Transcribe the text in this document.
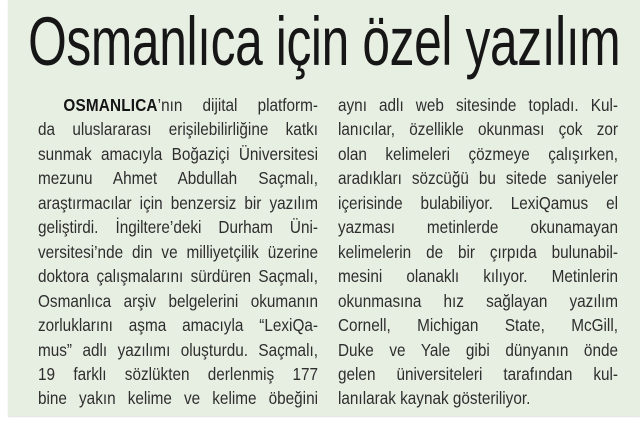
Osmanlıca için özel yazılım
OSMANLICA’nın dijital platform-
da uluslararası erişilebilirliğine katkı
sunmak amacıyla Boğaziçi Üniversitesi
mezunu Ahmet Abdullah Saçmalı,
araştırmacılar için benzersiz bir yazılım
geliştirdi. İngiltere’deki Durham Üni-
versitesi’nde din ve milliyetçilik üzerine
doktora çalışmalarını sürdüren Saçmalı,
Osmanlıca arşiv belgelerini okumanın
zorluklarını aşma amacıyla “LexiQa-
mus” adlı yazılımı oluşturdu. Saçmalı,
19 farklı sözlükten derlenmiş 177
bine yakın kelime ve kelime öbeğini
aynı adlı web sitesinde topladı. Kul-
lanıcılar, özellikle okunması çok zor
olan kelimeleri çözmeye çalışırken,
aradıkları sözcüğü bu sitede saniyeler
içerisinde bulabiliyor. LexiQamus el
yazması metinlerde okunamayan
kelimelerin de bir çırpıda bulunabil-
mesini olanaklı kılıyor. Metinlerin
okunmasına hız sağlayan yazılım
Cornell, Michigan State, McGill,
Duke ve Yale gibi dünyanın önde
gelen üniversiteleri tarafından kul-
lanılarak kaynak gösteriliyor.
